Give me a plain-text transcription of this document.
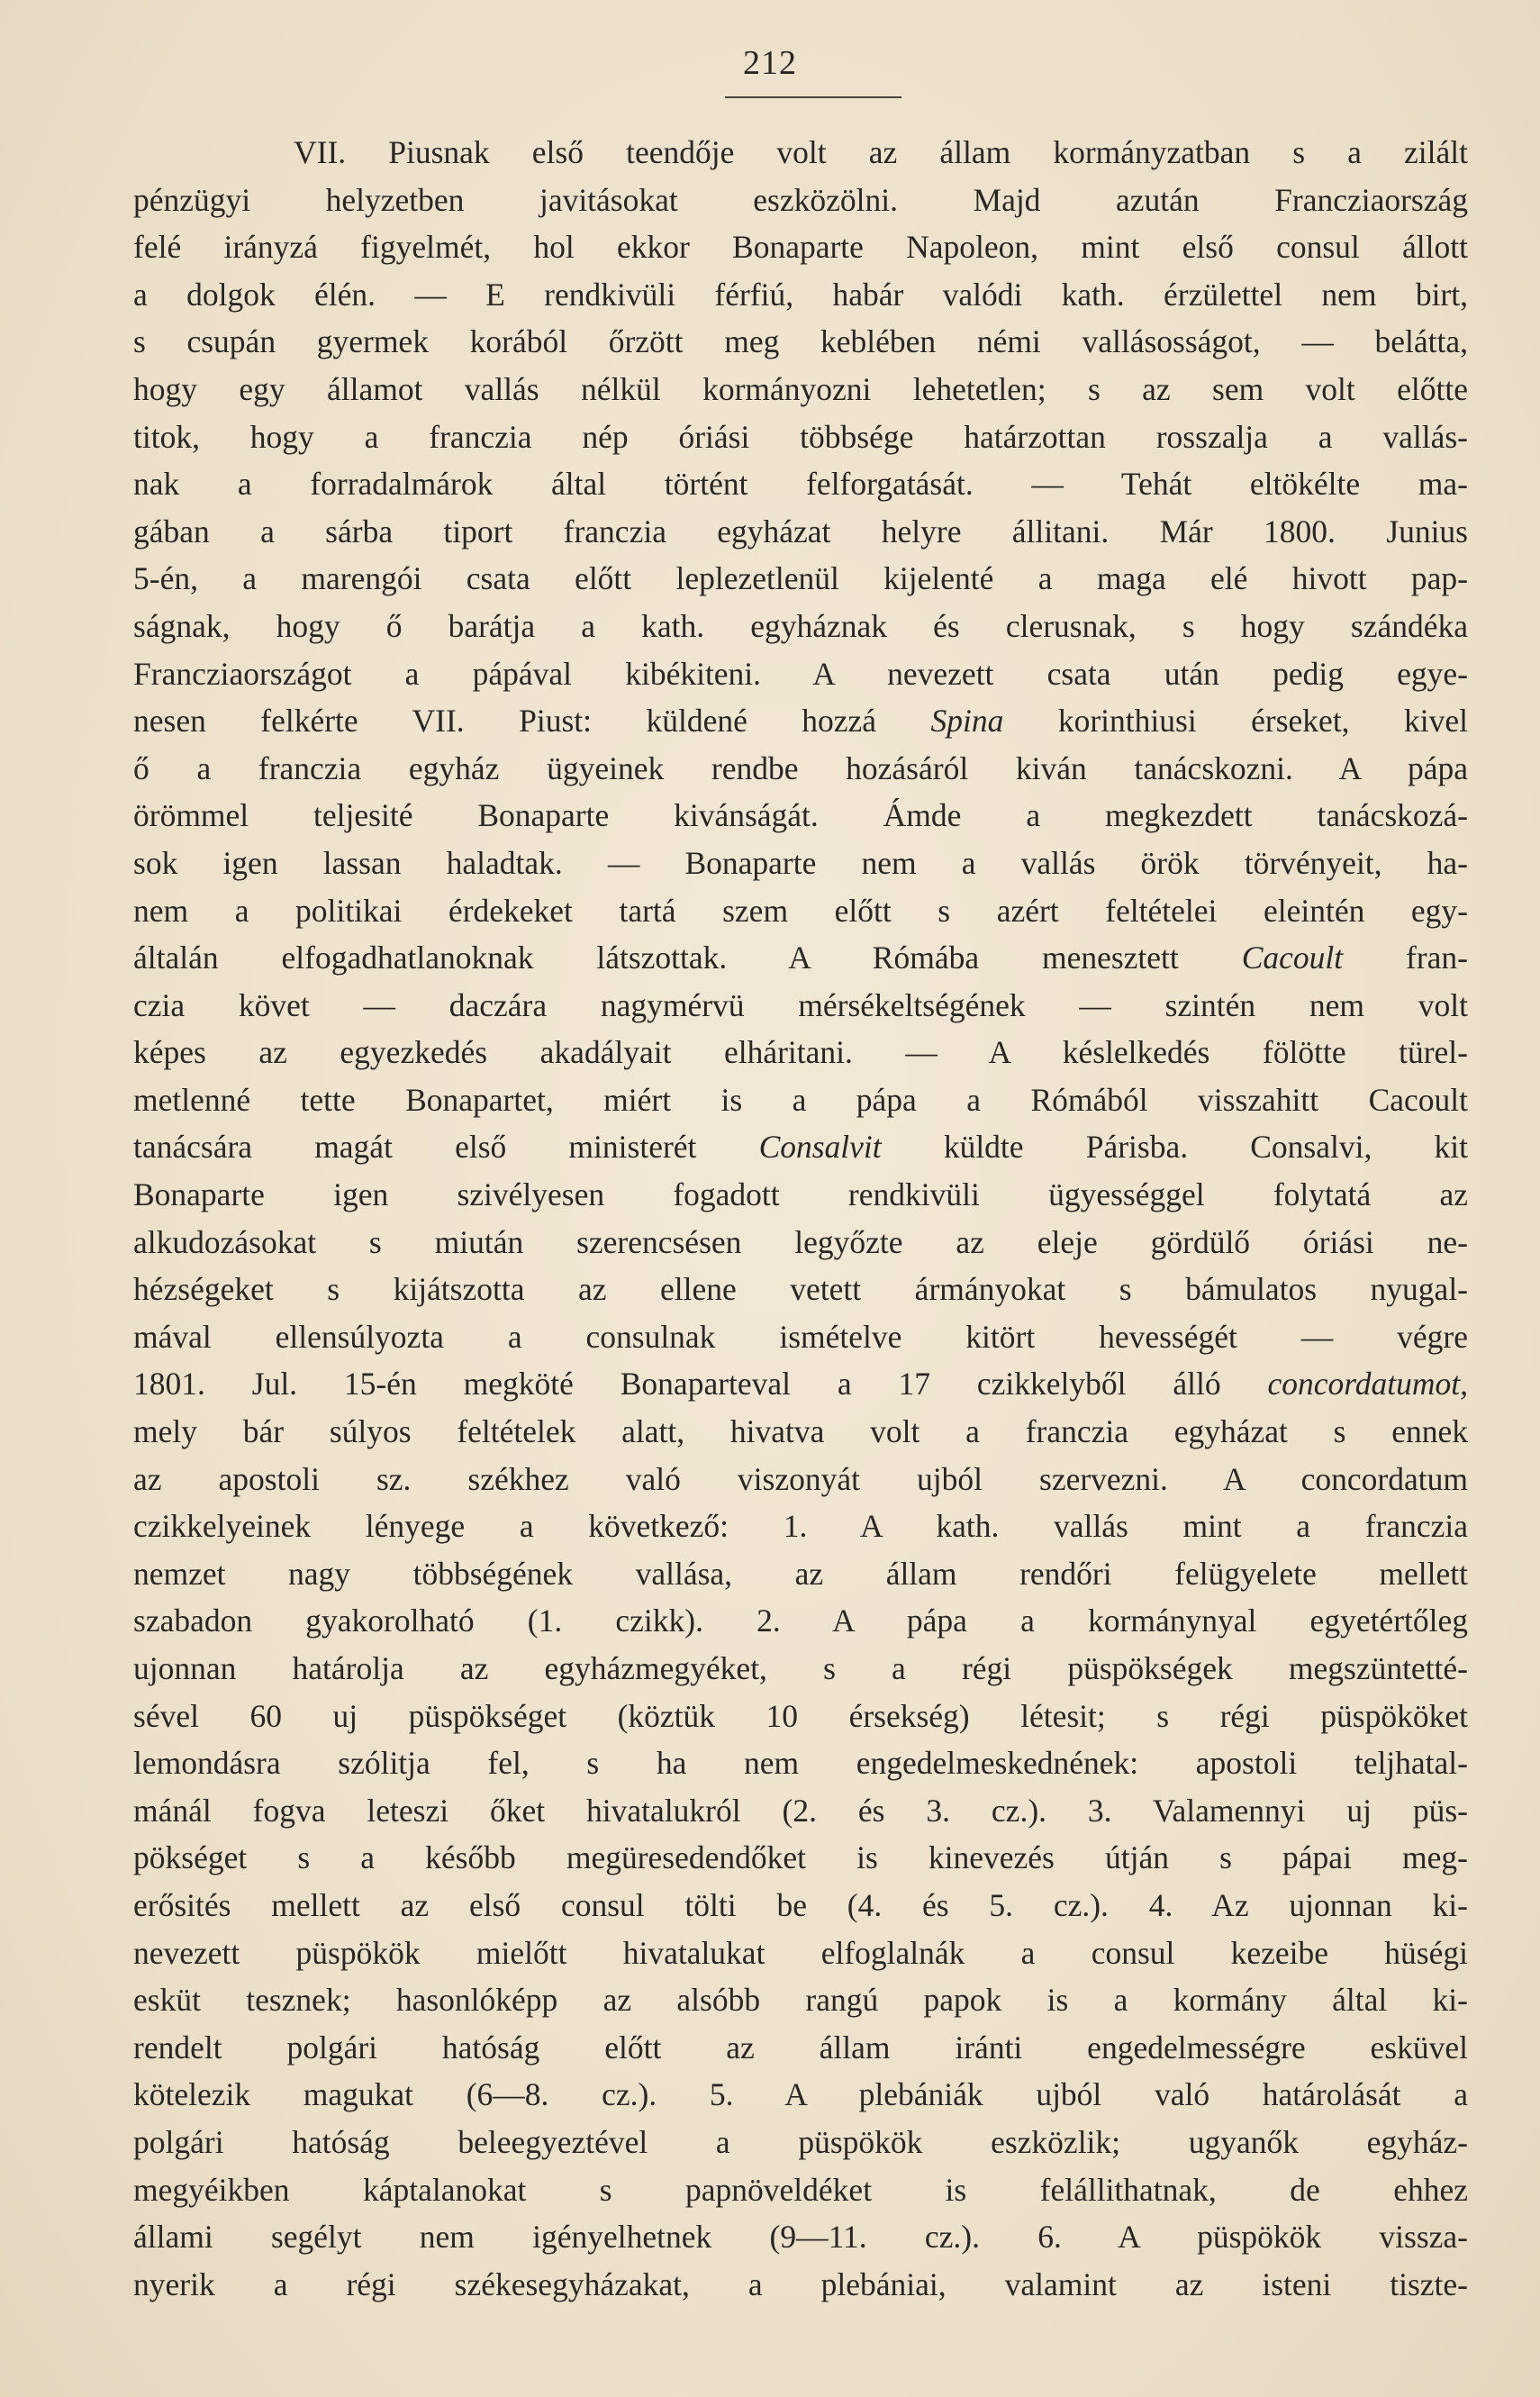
212
VII. Piusnak első teendője volt az állam kormányzatban s a zilált
pénzügyi helyzetben javitásokat eszközölni. Majd azután Francziaország
felé irányzá figyelmét, hol ekkor Bonaparte Napoleon, mint első consul állott
a dolgok élén. — E rendkivüli férfiú, habár valódi kath. érzülettel nem birt,
s csupán gyermek korából őrzött meg keblében némi vallásosságot, — belátta,
hogy egy államot vallás nélkül kormányozni lehetetlen; s az sem volt előtte
titok, hogy a franczia nép óriási többsége határzottan rosszalja a vallás-
nak a forradalmárok által történt felforgatását. — Tehát eltökélte ma-
gában a sárba tiport franczia egyházat helyre állitani. Már 1800. Junius
5-én, a marengói csata előtt leplezetlenül kijelenté a maga elé hivott pap-
ságnak, hogy ő barátja a kath. egyháznak és clerusnak, s hogy szándéka
Francziaországot a pápával kibékiteni. A nevezett csata után pedig egye-
nesen felkérte VII. Piust: küldené hozzá Spina korinthiusi érseket, kivel
ő a franczia egyház ügyeinek rendbe hozásáról kiván tanácskozni. A pápa
örömmel teljesité Bonaparte kivánságát. Ámde a megkezdett tanácskozá-
sok igen lassan haladtak. — Bonaparte nem a vallás örök törvényeit, ha-
nem a politikai érdekeket tartá szem előtt s azért feltételei eleintén egy-
általán elfogadhatlanoknak látszottak. A Rómába menesztett Cacoult fran-
czia követ — daczára nagymérvü mérsékeltségének — szintén nem volt
képes az egyezkedés akadályait elháritani. — A késlelkedés fölötte türel-
metlenné tette Bonapartet, miért is a pápa a Rómából visszahitt Cacoult
tanácsára magát első ministerét Consalvit küldte Párisba. Consalvi, kit
Bonaparte igen szivélyesen fogadott rendkivüli ügyességgel folytatá az
alkudozásokat s miután szerencsésen legyőzte az eleje gördülő óriási ne-
hézségeket s kijátszotta az ellene vetett ármányokat s bámulatos nyugal-
mával ellensúlyozta a consulnak ismételve kitört hevességét — végre
1801. Jul. 15-én megköté Bonaparteval a 17 czikkelyből álló concordatumot,
mely bár súlyos feltételek alatt, hivatva volt a franczia egyházat s ennek
az apostoli sz. székhez való viszonyát ujból szervezni. A concordatum
czikkelyeinek lényege a következő: 1. A kath. vallás mint a franczia
nemzet nagy többségének vallása, az állam rendőri felügyelete mellett
szabadon gyakorolható (1. czikk). 2. A pápa a kormánynyal egyetértőleg
ujonnan határolja az egyházmegyéket, s a régi püspökségek megszüntetté-
sével 60 uj püspökséget (köztük 10 érsekség) létesit; s régi püspököket
lemondásra szólitja fel, s ha nem engedelmeskednének: apostoli teljhatal-
mánál fogva leteszi őket hivatalukról (2. és 3. cz.). 3. Valamennyi uj püs-
pökséget s a később megüresedendőket is kinevezés útján s pápai meg-
erősités mellett az első consul tölti be (4. és 5. cz.). 4. Az ujonnan ki-
nevezett püspökök mielőtt hivatalukat elfoglalnák a consul kezeibe hüségi
esküt tesznek; hasonlóképp az alsóbb rangú papok is a kormány által ki-
rendelt polgári hatóság előtt az állam iránti engedelmességre esküvel
kötelezik magukat (6—8. cz.). 5. A plebániák ujból való határolását a
polgári hatóság beleegyeztével a püspökök eszközlik; ugyanők egyház-
megyéikben káptalanokat s papnöveldéket is felállithatnak, de ehhez
állami segélyt nem igényelhetnek (9—11. cz.). 6. A püspökök vissza-
nyerik a régi székesegyházakat, a plebániai, valamint az isteni tiszte-
